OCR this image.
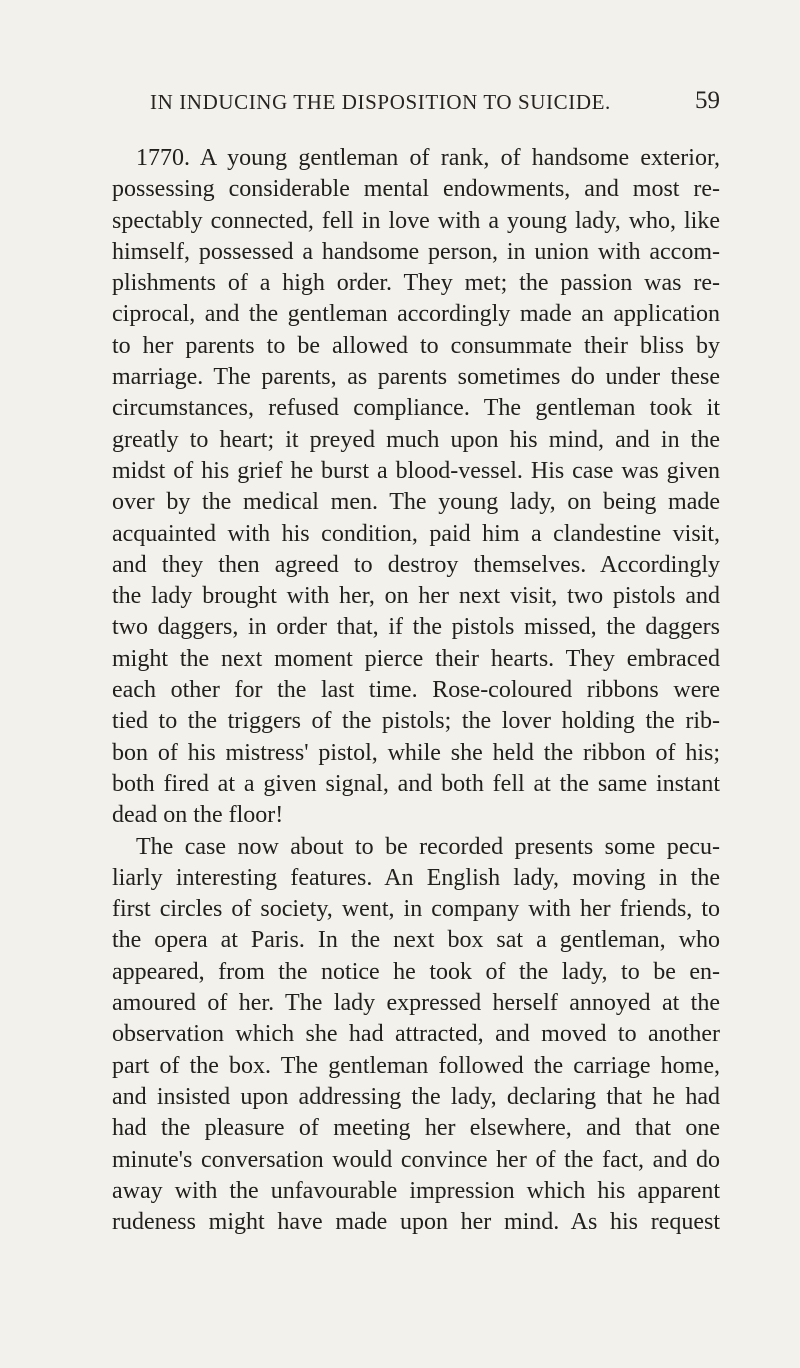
IN INDUCING THE DISPOSITION TO SUICIDE.	59
1770. A young gentleman of rank, of handsome exterior,
possessing considerable mental endowments, and most re-
spectably connected, fell in love with a young lady, who, like
himself, possessed a handsome person, in union with accom-
plishments of a high order. They met; the passion was re-
ciprocal, and the gentleman accordingly made an application
to her parents to be allowed to consummate their bliss by
marriage. The parents, as parents sometimes do under these
circumstances, refused compliance. The gentleman took it
greatly to heart; it preyed much upon his mind, and in the
midst of his grief he burst a blood-vessel. His case was given
over by the medical men. The young lady, on being made
acquainted with his condition, paid him a clandestine visit,
and they then agreed to destroy themselves. Accordingly
the lady brought with her, on her next visit, two pistols and
two daggers, in order that, if the pistols missed, the daggers
might the next moment pierce their hearts. They embraced
each other for the last time. Rose-coloured ribbons were
tied to the triggers of the pistols; the lover holding the rib-
bon of his mistress' pistol, while she held the ribbon of his;
both fired at a given signal, and both fell at the same instant
dead on the floor!
The case now about to be recorded presents some pecu-
liarly interesting features. An English lady, moving in the
first circles of society, went, in company with her friends, to
the opera at Paris. In the next box sat a gentleman, who
appeared, from the notice he took of the lady, to be en-
amoured of her. The lady expressed herself annoyed at the
observation which she had attracted, and moved to another
part of the box. The gentleman followed the carriage home,
and insisted upon addressing the lady, declaring that he had
had the pleasure of meeting her elsewhere, and that one
minute's conversation would convince her of the fact, and do
away with the unfavourable impression which his apparent
rudeness might have made upon her mind. As his request
